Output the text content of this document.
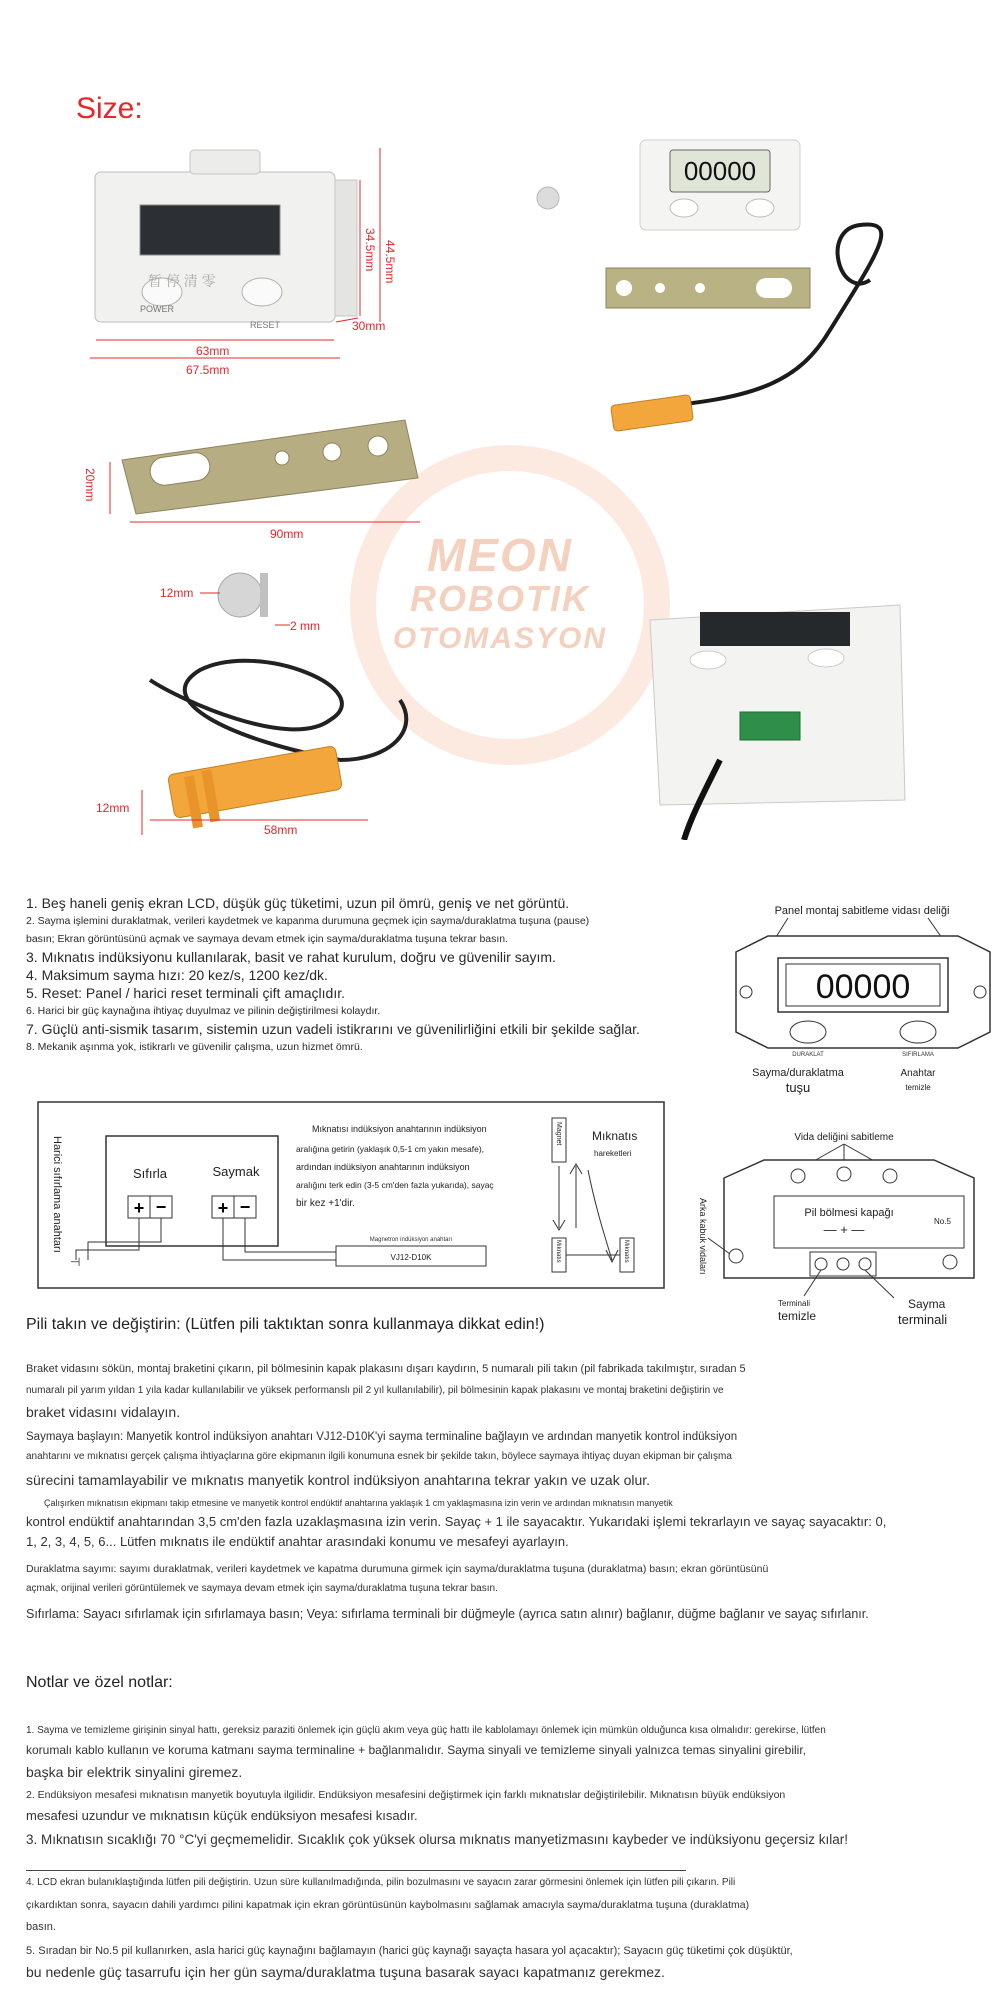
Size:
MEON
ROBOTIK
OTOMASYON
POWER
RESET
暂 停 清 零	44.5mm
34.5mm
30mm
63mm
67.5mm
20mm
90mm
12mm
2 mm
12mm
58mm
00000
1. Beş haneli geniş ekran LCD, düşük güç tüketimi, uzun pil ömrü, geniş ve net görüntü.
2. Sayma işlemini duraklatmak, verileri kaydetmek ve kapanma durumuna geçmek için sayma/duraklatma tuşuna (pause)
basın; Ekran görüntüsünü açmak ve saymaya devam etmek için sayma/duraklatma tuşuna tekrar basın.
3. Mıknatıs indüksiyonu kullanılarak, basit ve rahat kurulum, doğru ve güvenilir sayım.
4. Maksimum sayma hızı: 20 kez/s, 1200 kez/dk.
5. Reset: Panel / harici reset terminali çift amaçlıdır.
6. Harici bir güç kaynağına ihtiyaç duyulmaz ve pilinin değiştirilmesi kolaydır.
7. Güçlü anti-sismik tasarım, sistemin uzun vadeli istikrarını ve güvenilirliğini etkili bir şekilde sağlar.
8. Mekanik aşınma yok, istikrarlı ve güvenilir çalışma, uzun hizmet ömrü.
Panel montaj sabitleme vidası deliği
00000
DURAKLAT	SIFIRLAMA
Sayma/duraklatma
tuşu
Anahtar
temizle
Harici sıfırlama anahtarı	Sıfırla	Saymak
+ −	+ −
⊣
Mıknatısı indüksiyon anahtarının indüksiyon
aralığına getirin (yaklaşık 0,5-1 cm yakın mesafe),
ardından indüksiyon anahtarının indüksiyon
aralığını terk edin (3-5 cm'den fazla yukarıda), sayaç
bir kez +1'dir.
Magnetron indüksiyon anahtarı
VJ12-D10K
Magnet	Mıknatıs
hareketleri
Mıknatıs	Mıknatıs
Vida deliğini sabitleme
Pil bölmesi kapağı
— + —
No.5
Arka kabuk vidaları
Terminali
temizle
Sayma
terminali
Pili takın ve değiştirin: (Lütfen pili taktıktan sonra kullanmaya dikkat edin!)
Braket vidasını sökün, montaj braketini çıkarın, pil bölmesinin kapak plakasını dışarı kaydırın, 5 numaralı pili takın (pil fabrikada takılmıştır, sıradan 5
numaralı pil yarım yıldan 1 yıla kadar kullanılabilir ve yüksek performanslı pil 2 yıl kullanılabilir), pil bölmesinin kapak plakasını ve montaj braketini değiştirin ve
braket vidasını vidalayın.
Saymaya başlayın: Manyetik kontrol indüksiyon anahtarı VJ12-D10K'yi sayma terminaline bağlayın ve ardından manyetik kontrol indüksiyon
anahtarını ve mıknatısı gerçek çalışma ihtiyaçlarına göre ekipmanın ilgili konumuna esnek bir şekilde takın, böylece saymaya ihtiyaç duyan ekipman bir çalışma
sürecini tamamlayabilir ve mıknatıs manyetik kontrol indüksiyon anahtarına tekrar yakın ve uzak olur.
Çalışırken mıknatısın ekipmanı takip etmesine ve manyetik kontrol endüktif anahtarına yaklaşık 1 cm yaklaşmasına izin verin ve ardından mıknatısın manyetik
kontrol endüktif anahtarından 3,5 cm'den fazla uzaklaşmasına izin verin. Sayaç + 1 ile sayacaktır. Yukarıdaki işlemi tekrarlayın ve sayaç sayacaktır: 0,
1, 2, 3, 4, 5, 6... Lütfen mıknatıs ile endüktif anahtar arasındaki konumu ve mesafeyi ayarlayın.
Duraklatma sayımı: sayımı duraklatmak, verileri kaydetmek ve kapatma durumuna girmek için sayma/duraklatma tuşuna (duraklatma) basın; ekran görüntüsünü
açmak, orijinal verileri görüntülemek ve saymaya devam etmek için sayma/duraklatma tuşuna tekrar basın.
Sıfırlama: Sayacı sıfırlamak için sıfırlamaya basın; Veya: sıfırlama terminali bir düğmeyle (ayrıca satın alınır) bağlanır, düğme bağlanır ve sayaç sıfırlanır.
Notlar ve özel notlar:
1. Sayma ve temizleme girişinin sinyal hattı, gereksiz paraziti önlemek için güçlü akım veya güç hattı ile kablolamayı önlemek için mümkün olduğunca kısa olmalıdır: gerekirse, lütfen
korumalı kablo kullanın ve koruma katmanı sayma terminaline + bağlanmalıdır. Sayma sinyali ve temizleme sinyali yalnızca temas sinyalini girebilir,
başka bir elektrik sinyalini giremez.
2. Endüksiyon mesafesi mıknatısın manyetik boyutuyla ilgilidir. Endüksiyon mesafesini değiştirmek için farklı mıknatıslar değiştirilebilir. Mıknatısın büyük endüksiyon
mesafesi uzundur ve mıknatısın küçük endüksiyon mesafesi kısadır.
3. Mıknatısın sıcaklığı 70 °C'yi geçmemelidir. Sıcaklık çok yüksek olursa mıknatıs manyetizmasını kaybeder ve indüksiyonu geçersiz kılar!
4. LCD ekran bulanıklaştığında lütfen pili değiştirin. Uzun süre kullanılmadığında, pilin bozulmasını ve sayacın zarar görmesini önlemek için lütfen pili çıkarın. Pili
çıkardıktan sonra, sayacın dahili yardımcı pilini kapatmak için ekran görüntüsünün kaybolmasını sağlamak amacıyla sayma/duraklatma tuşuna (duraklatma)
basın.
5. Sıradan bir No.5 pil kullanırken, asla harici güç kaynağını bağlamayın (harici güç kaynağı sayaçta hasara yol açacaktır); Sayacın güç tüketimi çok düşüktür,
bu nedenle güç tasarrufu için her gün sayma/duraklatma tuşuna basarak sayacı kapatmanız gerekmez.
